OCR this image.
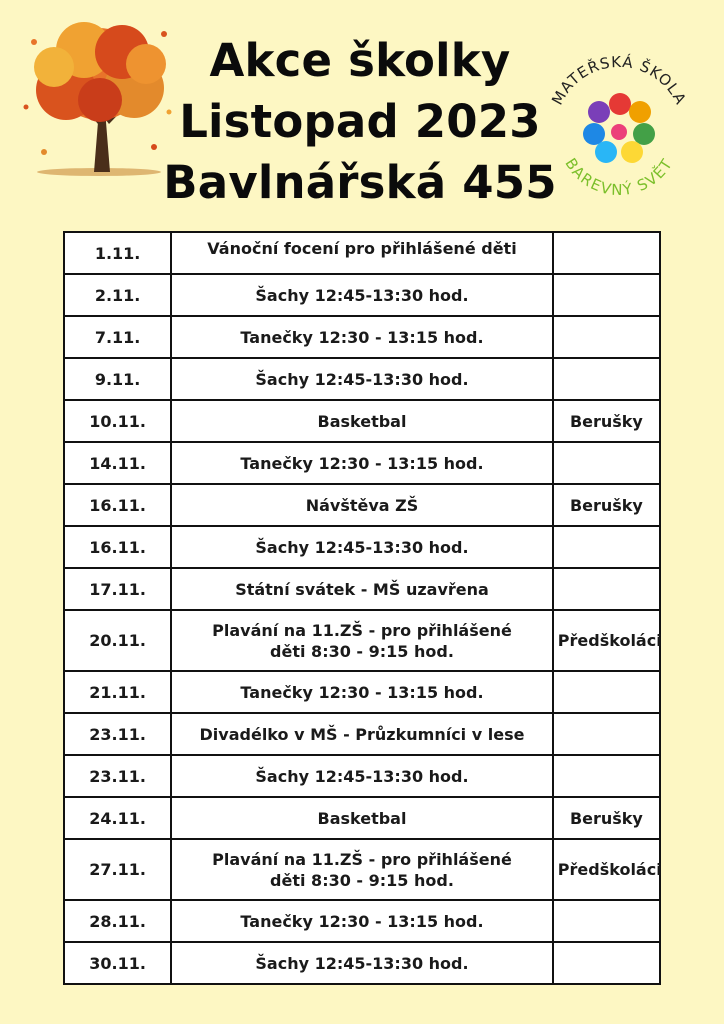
Akce školky
Listopad 2023
Bavlnářská 455
MATEŘSKÁ ŠKOLA
BAREVNÝ SVĚT
1.11.	Vánoční focení pro přihlášené děti	

2.11.	Šachy 12:45-13:30 hod.	
7.11.	Tanečky 12:30 - 13:15 hod.	
9.11.	Šachy 12:45-13:30 hod.	
10.11.	Basketbal	Berušky
14.11.	Tanečky 12:30 - 13:15 hod.	
16.11.	Návštěva ZŠ	Berušky
16.11.	Šachy 12:45-13:30 hod.	
17.11.	Státní svátek - MŠ uzavřena	
20.11.	Plavání na 11.ZŠ - pro přihlášené
děti 8:30 - 9:15 hod.	Předškoláci
21.11.	Tanečky 12:30 - 13:15 hod.	
23.11.	Divadélko v MŠ - Průzkumníci v lese	
23.11.	Šachy 12:45-13:30 hod.	
24.11.	Basketbal	Berušky
27.11.	Plavání na 11.ZŠ - pro přihlášené
děti 8:30 - 9:15 hod.	Předškoláci
28.11.	Tanečky 12:30 - 13:15 hod.	
30.11.	Šachy 12:45-13:30 hod.	
